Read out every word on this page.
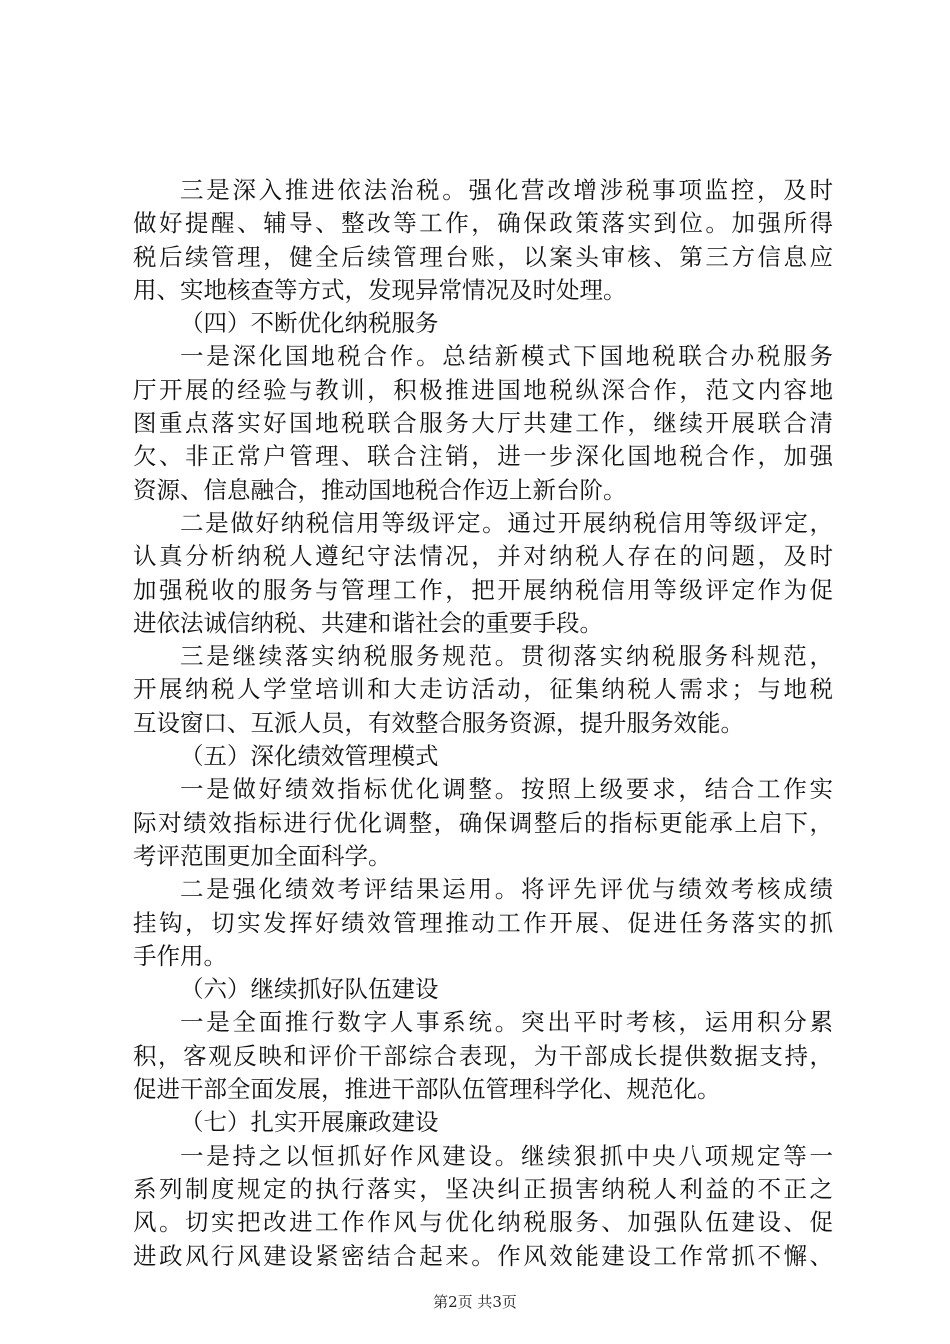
三是深入推进依法治税。强化营改增涉税事项监控，及时
做好提醒、辅导、整改等工作，确保政策落实到位。加强所得
税后续管理，健全后续管理台账，以案头审核、第三方信息应
用、实地核查等方式，发现异常情况及时处理。
（四）不断优化纳税服务
一是深化国地税合作。总结新模式下国地税联合办税服务
厅开展的经验与教训，积极推进国地税纵深合作，范文内容地
图重点落实好国地税联合服务大厅共建工作，继续开展联合清
欠、非正常户管理、联合注销，进一步深化国地税合作，加强
资源、信息融合，推动国地税合作迈上新台阶。
二是做好纳税信用等级评定。通过开展纳税信用等级评定，
认真分析纳税人遵纪守法情况，并对纳税人存在的问题，及时
加强税收的服务与管理工作，把开展纳税信用等级评定作为促
进依法诚信纳税、共建和谐社会的重要手段。
三是继续落实纳税服务规范。贯彻落实纳税服务科规范，
开展纳税人学堂培训和大走访活动，征集纳税人需求；与地税
互设窗口、互派人员，有效整合服务资源，提升服务效能。
（五）深化绩效管理模式
一是做好绩效指标优化调整。按照上级要求，结合工作实
际对绩效指标进行优化调整，确保调整后的指标更能承上启下，
考评范围更加全面科学。
二是强化绩效考评结果运用。将评先评优与绩效考核成绩
挂钩，切实发挥好绩效管理推动工作开展、促进任务落实的抓
手作用。
（六）继续抓好队伍建设
一是全面推行数字人事系统。突出平时考核，运用积分累
积，客观反映和评价干部综合表现，为干部成长提供数据支持，
促进干部全面发展，推进干部队伍管理科学化、规范化。
（七）扎实开展廉政建设
一是持之以恒抓好作风建设。继续狠抓中央八项规定等一
系列制度规定的执行落实，坚决纠正损害纳税人利益的不正之
风。切实把改进工作作风与优化纳税服务、加强队伍建设、促
进政风行风建设紧密结合起来。作风效能建设工作常抓不懈、
第2页 共3页
